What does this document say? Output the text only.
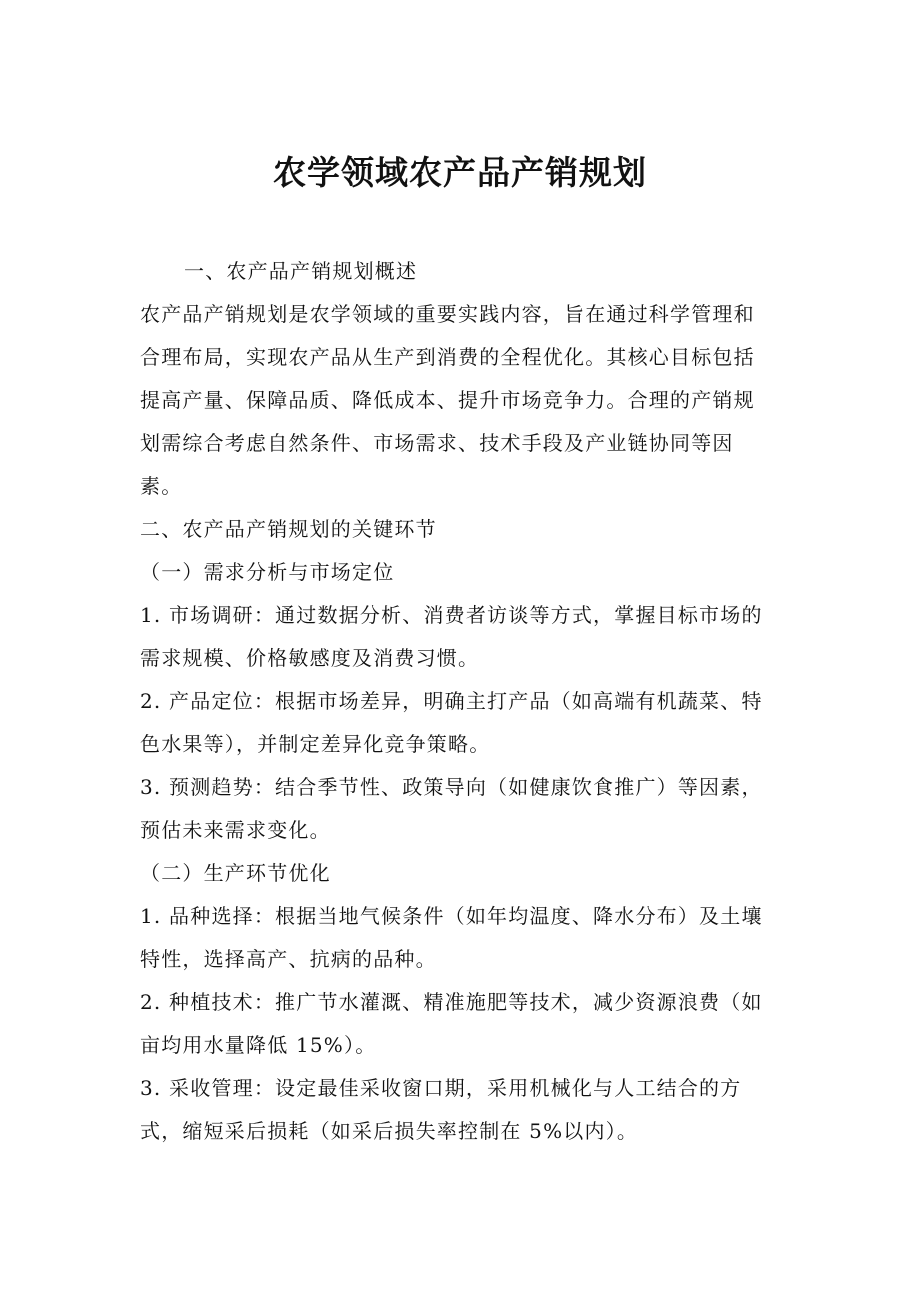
农学领域农产品产销规划

一、农产品产销规划概述

农产品产销规划是农学领域的重要实践内容，旨在通过科学管理和

合理布局，实现农产品从生产到消费的全程优化。其核心目标包括

提高产量、保障品质、降低成本、提升市场竞争力。合理的产销规

划需综合考虑自然条件、市场需求、技术手段及产业链协同等因

素。

二、农产品产销规划的关键环节

（一）需求分析与市场定位

1. 市场调研：通过数据分析、消费者访谈等方式，掌握目标市场的

需求规模、价格敏感度及消费习惯。

2. 产品定位：根据市场差异，明确主打产品（如高端有机蔬菜、特

色水果等），并制定差异化竞争策略。

3. 预测趋势：结合季节性、政策导向（如健康饮食推广）等因素，

预估未来需求变化。

（二）生产环节优化

1. 品种选择：根据当地气候条件（如年均温度、降水分布）及土壤

特性，选择高产、抗病的品种。

2. 种植技术：推广节水灌溉、精准施肥等技术，减少资源浪费（如

亩均用水量降低 15%）。

3. 采收管理：设定最佳采收窗口期，采用机械化与人工结合的方

式，缩短采后损耗（如采后损失率控制在 5%以内）。
